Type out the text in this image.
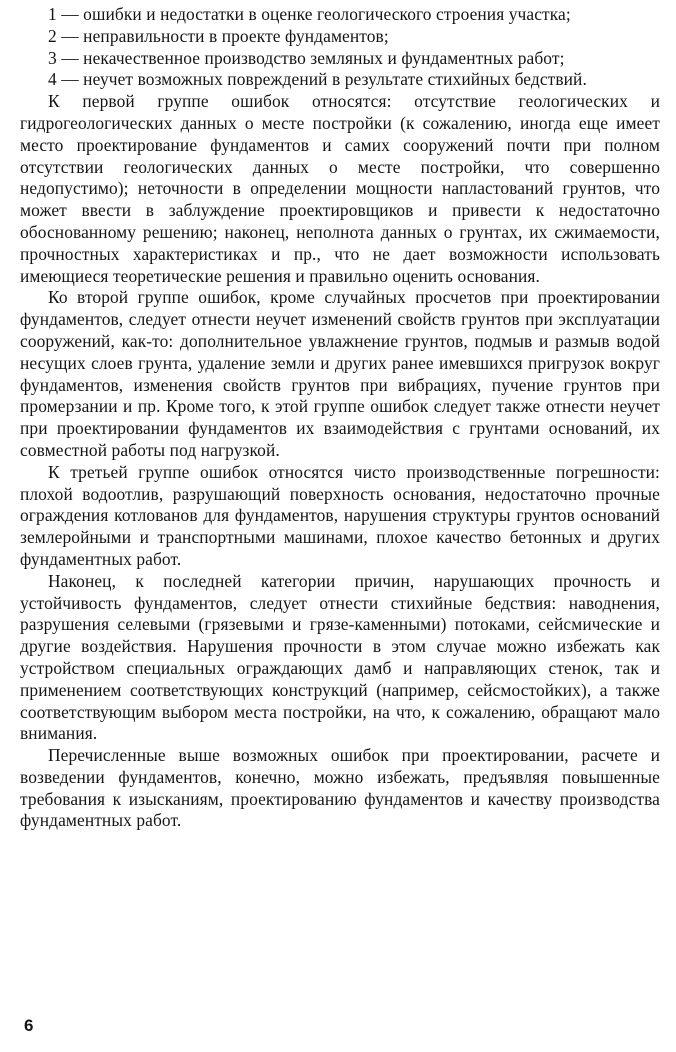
1 — ошибки и недостатки в оценке геологического строения участка;

2 — неправильности в проекте фундаментов;

3 — некачественное производство земляных и фундаментных работ;

4 — неучет возможных повреждений в результате стихийных бедствий.

К первой группе ошибок относятся: отсутствие геологических и гидрогеологических данных о месте постройки (к сожалению, иногда еще имеет место проектирование фундаментов и самих сооружений почти при полном отсутствии геологических данных о месте постройки, что совершенно недопустимо); неточности в определении мощности напластований грунтов, что может ввести в заблуждение проектировщиков и привести к недостаточно обоснованному решению; наконец, неполнота данных о грунтах, их сжимаемости, прочностных характеристиках и пр., что не дает возможности использовать имеющиеся теоретические решения и правильно оценить основания.

Ко второй группе ошибок, кроме случайных просчетов при проектировании фундаментов, следует отнести неучет изменений свойств грунтов при эксплуатации сооружений, как-то: дополнительное увлажнение грунтов, подмыв и размыв водой несущих слоев грунта, удаление земли и других ранее имевшихся пригрузок вокруг фундаментов, изменения свойств грунтов при вибрациях, пучение грунтов при промерзании и пр. Кроме того, к этой группе ошибок следует также отнести неучет при проектировании фундаментов их взаимодействия с грунтами оснований, их совместной работы под нагрузкой.

К третьей группе ошибок относятся чисто производственные погрешности: плохой водоотлив, разрушающий поверхность основания, недостаточно прочные ограждения котлованов для фундаментов, нарушения структуры грунтов оснований землеройными и транспортными машинами, плохое качество бетонных и других фундаментных работ.

Наконец, к последней категории причин, нарушающих прочность и устойчивость фундаментов, следует отнести стихийные бедствия: наводнения, разрушения селевыми (грязевыми и грязе-каменными) потоками, сейсмические и другие воздействия. Нарушения прочности в этом случае можно избежать как устройством специальных ограждающих дамб и направляющих стенок, так и применением соответствующих конструкций (например, сейсмостойких), а также соответствующим выбором места постройки, на что, к сожалению, обращают мало внимания.

Перечисленные выше возможных ошибок при проектировании, расчете и возведении фундаментов, конечно, можно избежать, предъявляя повышенные требования к изысканиям, проектированию фундаментов и качеству производства фундаментных работ.

6
